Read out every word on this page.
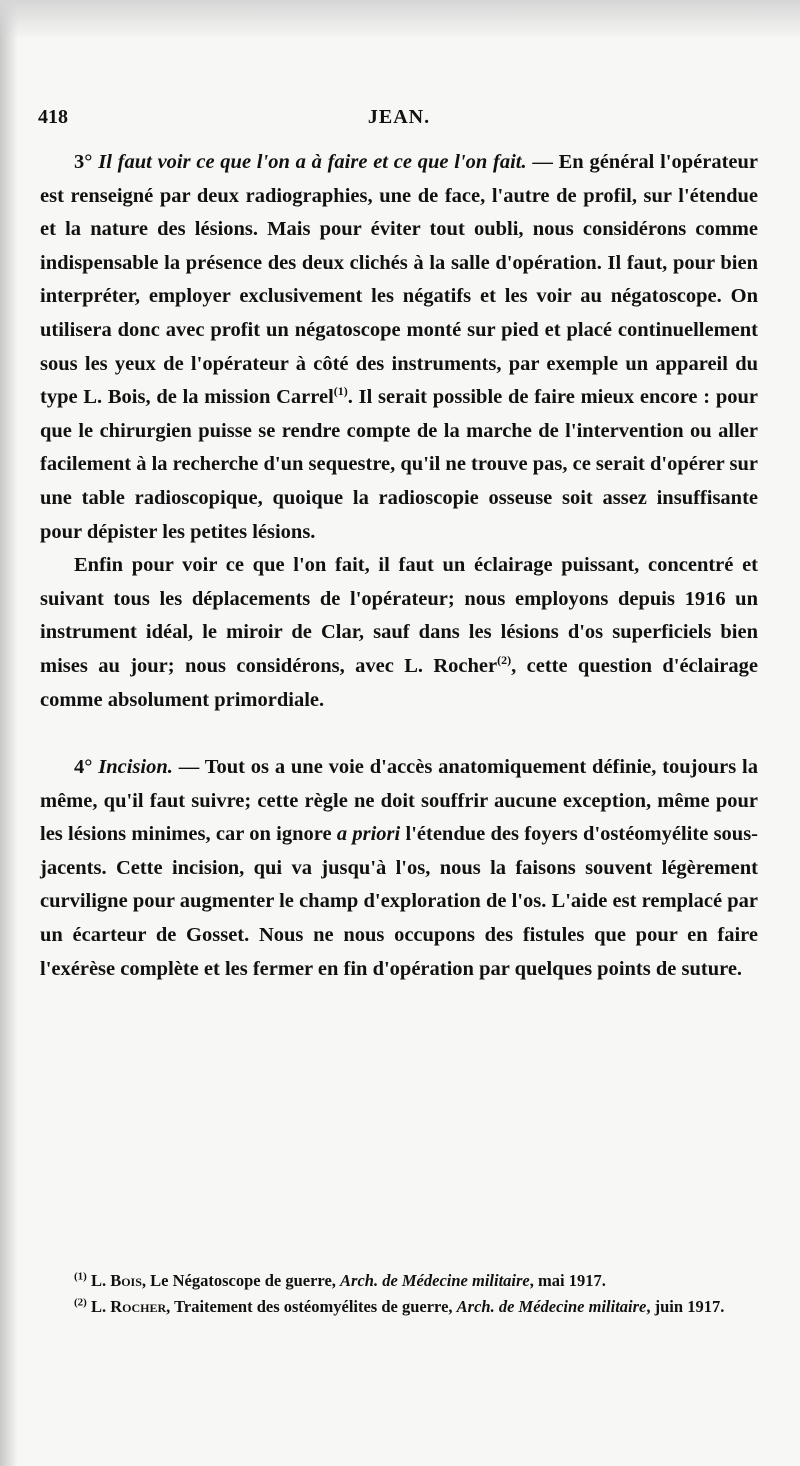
418	JEAN.

3° Il faut voir ce que l'on a à faire et ce que l'on fait. — En général l'opérateur est renseigné par deux radiographies, une de face, l'autre de profil, sur l'étendue et la nature des lésions. Mais pour éviter tout oubli, nous considérons comme indispensable la présence des deux clichés à la salle d'opération. Il faut, pour bien interpréter, employer exclusivement les négatifs et les voir au négatoscope. On utilisera donc avec profit un négatoscope monté sur pied et placé continuellement sous les yeux de l'opérateur à côté des instruments, par exemple un appareil du type L. Bois, de la mission Carrel$^{(1)}$. Il serait possible de faire mieux encore : pour que le chirurgien puisse se rendre compte de la marche de l'intervention ou aller facilement à la recherche d'un sequestre, qu'il ne trouve pas, ce serait d'opérer sur une table radioscopique, quoique la radioscopie osseuse soit assez insuffisante pour dépister les petites lésions.

Enfin pour voir ce que l'on fait, il faut un éclairage puissant, concentré et suivant tous les déplacements de l'opérateur; nous employons depuis 1916 un instrument idéal, le miroir de Clar, sauf dans les lésions d'os superficiels bien mises au jour; nous considérons, avec L. Rocher$^{(2)}$, cette question d'éclairage comme absolument primordiale.

4° Incision. — Tout os a une voie d'accès anatomiquement définie, toujours la même, qu'il faut suivre; cette règle ne doit souffrir aucune exception, même pour les lésions minimes, car on ignore a priori l'étendue des foyers d'ostéomyélite sous-jacents. Cette incision, qui va jusqu'à l'os, nous la faisons souvent légèrement curviligne pour augmenter le champ d'exploration de l'os. L'aide est remplacé par un écarteur de Gosset. Nous ne nous occupons des fistules que pour en faire l'exérèse complète et les fermer en fin d'opération par quelques points de suture.

$^{(1)}$ L. Bois, Le Négatoscope de guerre, Arch. de Médecine militaire, mai 1917.

$^{(2)}$ L. Rocher, Traitement des ostéomyélites de guerre, Arch. de Médecine militaire, juin 1917.
